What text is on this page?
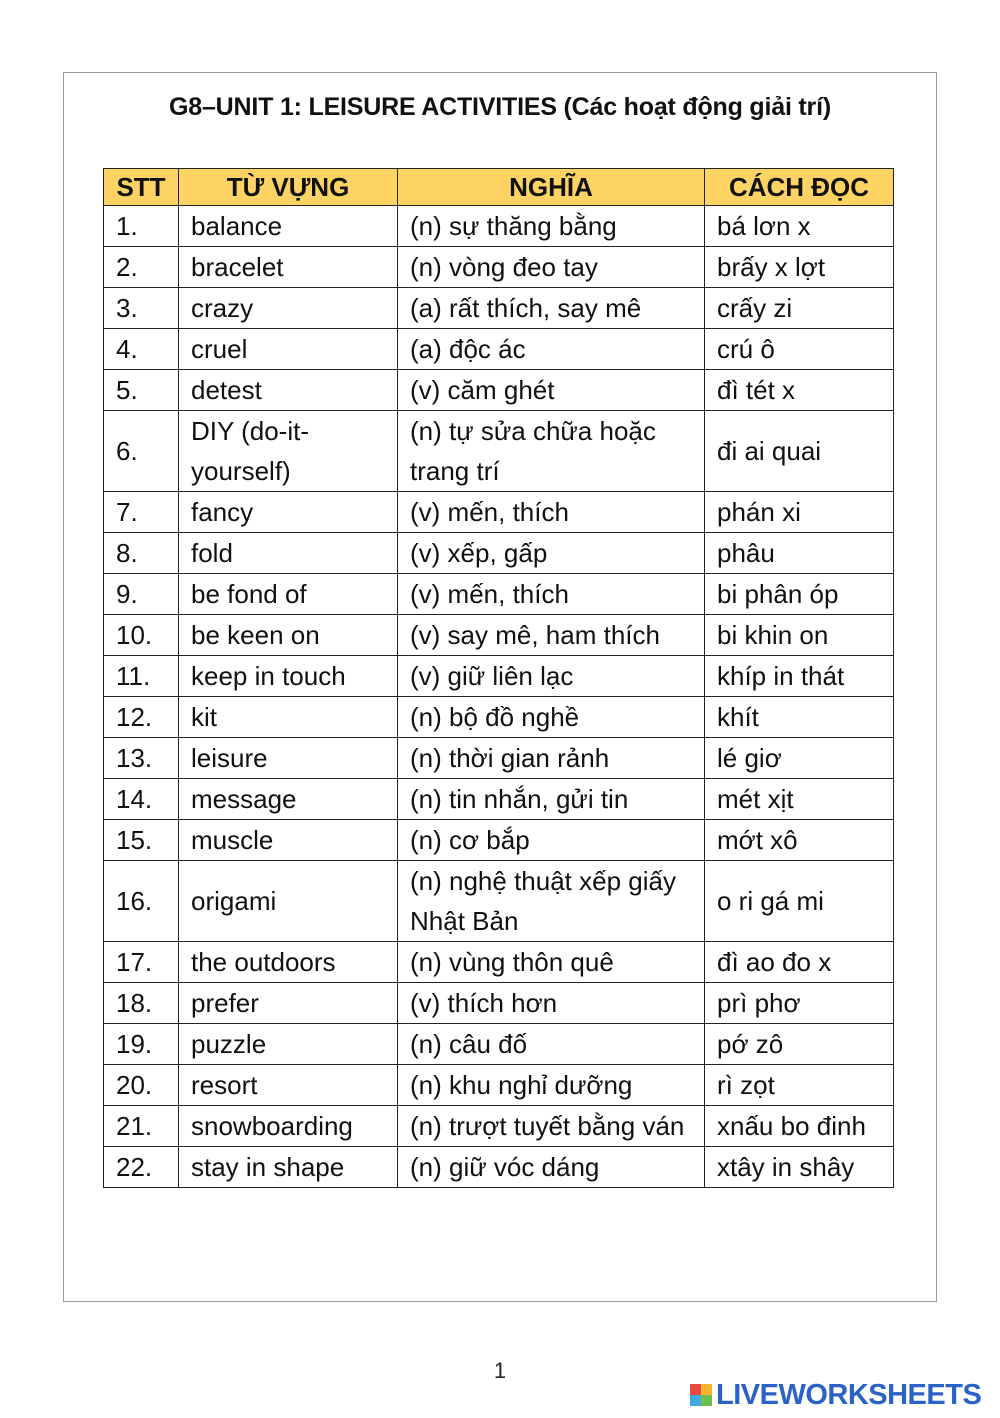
G8–UNIT 1: LEISURE ACTIVITIES (Các hoạt động giải trí)
STT	TỪ VỰNG	NGHĨA	CÁCH ĐỌC
1.	balance	(n) sự thăng bằng	bá lơn x
2.	bracelet	(n) vòng đeo tay	brấy x lợt
3.	crazy	(a) rất thích, say mê	crấy zi
4.	cruel	(a) độc ác	crú ô
5.	detest	(v) căm ghét	đì tét x
6.	DIY (do-it-yourself)	(n) tự sửa chữa hoặc trang trí	đi ai quai
7.	fancy	(v) mến, thích	phán xi
8.	fold	(v) xếp, gấp	phâu
9.	be fond of	(v) mến, thích	bi phân óp
10.	be keen on	(v) say mê, ham thích	bi khin on
11.	keep in touch	(v) giữ liên lạc	khíp in thát
12.	kit	(n) bộ đồ nghề	khít
13.	leisure	(n) thời gian rảnh	lé giơ
14.	message	(n) tin nhắn, gửi tin	mét xịt
15.	muscle	(n) cơ bắp	mớt xô
16.	origami	(n) nghệ thuật xếp giấy Nhật Bản	o ri gá mi
17.	the outdoors	(n) vùng thôn quê	đì ao đo x
18.	prefer	(v) thích hơn	prì phơ
19.	puzzle	(n) câu đố	pớ zô
20.	resort	(n) khu nghỉ dưỡng	rì zọt
21.	snowboarding	(n) trượt tuyết bằng ván	xnấu bo đinh
22.	stay in shape	(n) giữ vóc dáng	xtây in shây
1
LIVEWORKSHEETS
